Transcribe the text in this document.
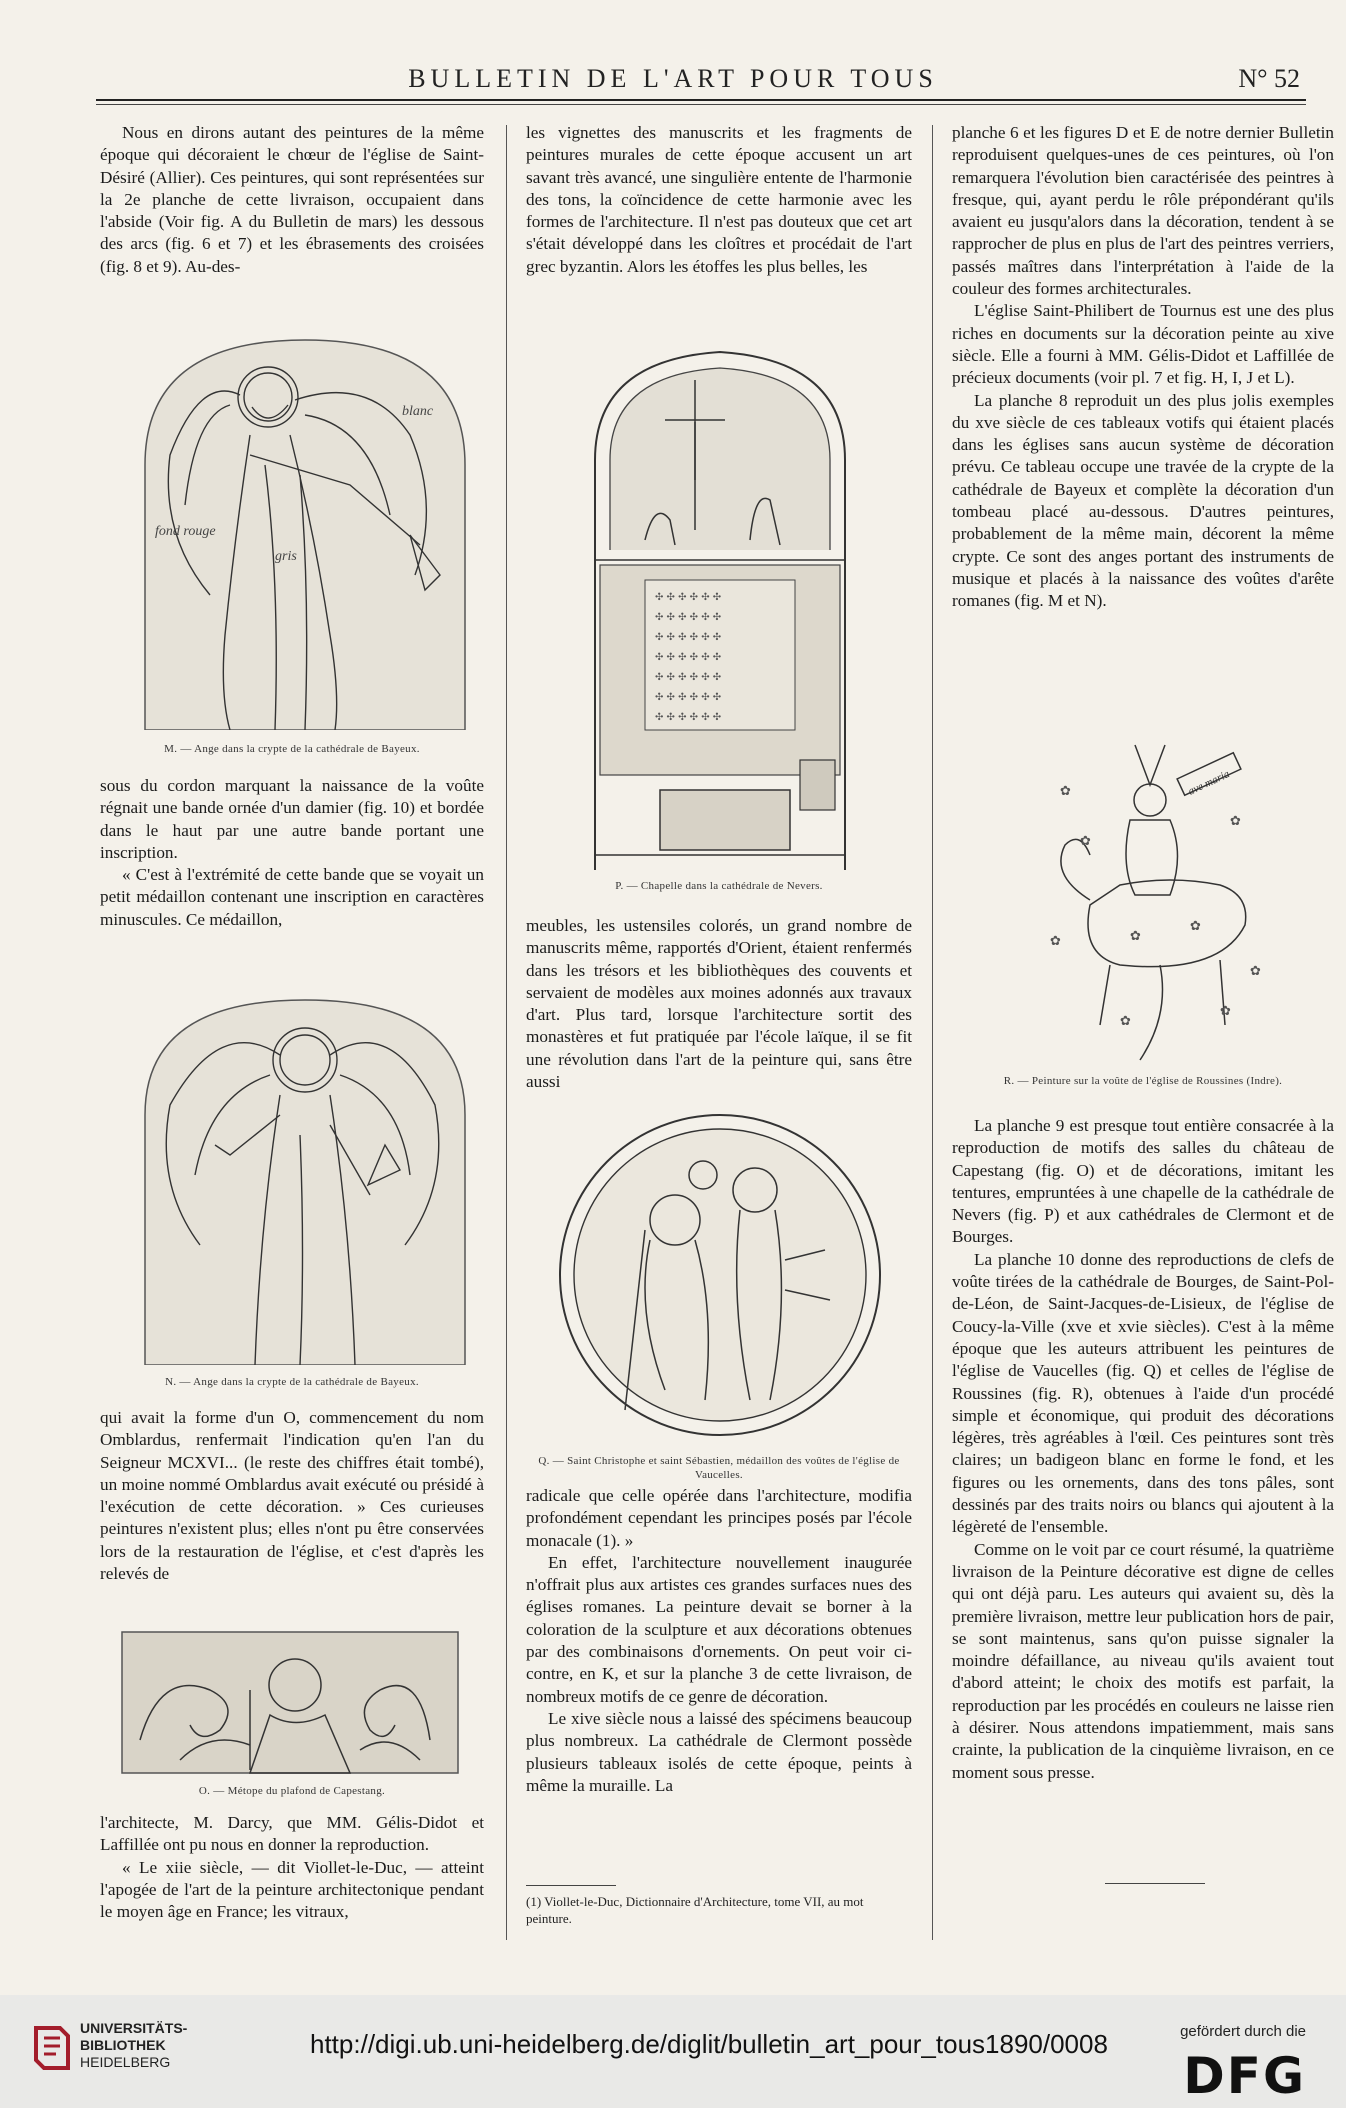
BULLETIN DE L'ART POUR TOUS	N° 52

Nous en dirons autant des peintures de la même époque qui décoraient le chœur de l'église de Saint-Désiré (Allier). Ces peintures, qui sont représentées sur la 2e planche de cette livraison, occupaient dans l'abside (Voir fig. A du Bulletin de mars) les dessous des arcs (fig. 6 et 7) et les ébrasements des croisées (fig. 8 et 9). Au-des-

blanc
fond rouge
gris
M. — Ange dans la crypte de la cathédrale de Bayeux.

sous du cordon marquant la naissance de la voûte régnait une bande ornée d'un damier (fig. 10) et bordée dans le haut par une autre bande portant une inscription.

« C'est à l'extrémité de cette bande que se voyait un petit médaillon contenant une inscription en caractères minuscules. Ce médaillon,

N. — Ange dans la crypte de la cathédrale de Bayeux.

qui avait la forme d'un O, commencement du nom Omblardus, renfermait l'indication qu'en l'an du Seigneur MCXVI... (le reste des chiffres était tombé), un moine nommé Omblardus avait exécuté ou présidé à l'exécution de cette décoration. » Ces curieuses peintures n'existent plus; elles n'ont pu être conservées lors de la restauration de l'église, et c'est d'après les relevés de

O. — Métope du plafond de Capestang.

l'architecte, M. Darcy, que MM. Gélis-Didot et Laffillée ont pu nous en donner la reproduction.

« Le xiie siècle, — dit Viollet-le-Duc, — atteint l'apogée de l'art de la peinture architectonique pendant le moyen âge en France; les vitraux,

les vignettes des manuscrits et les fragments de peintures murales de cette époque accusent un art savant très avancé, une singulière entente de l'harmonie des tons, la coïncidence de cette harmonie avec les formes de l'architecture. Il n'est pas douteux que cet art s'était développé dans les cloîtres et procédait de l'art grec byzantin. Alors les étoffes les plus belles, les

✣ ✣ ✣ ✣ ✣ ✣
✣ ✣ ✣ ✣ ✣ ✣
✣ ✣ ✣ ✣ ✣ ✣
✣ ✣ ✣ ✣ ✣ ✣
✣ ✣ ✣ ✣ ✣ ✣
✣ ✣ ✣ ✣ ✣ ✣
✣ ✣ ✣ ✣ ✣ ✣
P. — Chapelle dans la cathédrale de Nevers.

meubles, les ustensiles colorés, un grand nombre de manuscrits même, rapportés d'Orient, étaient renfermés dans les trésors et les bibliothèques des couvents et servaient de modèles aux moines adonnés aux travaux d'art. Plus tard, lorsque l'architecture sortit des monastères et fut pratiquée par l'école laïque, il se fit une révolution dans l'art de la peinture qui, sans être aussi

Q. — Saint Christophe et saint Sébastien, médaillon des voûtes de l'église de Vaucelles.

radicale que celle opérée dans l'architecture, modifia profondément cependant les principes posés par l'école monacale (1). »

En effet, l'architecture nouvellement inaugurée n'offrait plus aux artistes ces grandes surfaces nues des églises romanes. La peinture devait se borner à la coloration de la sculpture et aux décorations obtenues par des combinaisons d'ornements. On peut voir ci-contre, en K, et sur la planche 3 de cette livraison, de nombreux motifs de ce genre de décoration.

Le xive siècle nous a laissé des spécimens beaucoup plus nombreux. La cathédrale de Clermont possède plusieurs tableaux isolés de cette époque, peints à même la muraille. La

(1) Viollet-le-Duc, Dictionnaire d'Architecture, tome VII, au mot peinture.

planche 6 et les figures D et E de notre dernier Bulletin reproduisent quelques-unes de ces peintures, où l'on remarquera l'évolution bien caractérisée des peintres à fresque, qui, ayant perdu le rôle prépondérant qu'ils avaient eu jusqu'alors dans la décoration, tendent à se rapprocher de plus en plus de l'art des peintres verriers, passés maîtres dans l'interprétation à l'aide de la couleur des formes architecturales.

L'église Saint-Philibert de Tournus est une des plus riches en documents sur la décoration peinte au xive siècle. Elle a fourni à MM. Gélis-Didot et Laffillée de précieux documents (voir pl. 7 et fig. H, I, J et L).

La planche 8 reproduit un des plus jolis exemples du xve siècle de ces tableaux votifs qui étaient placés dans les églises sans aucun système de décoration prévu. Ce tableau occupe une travée de la crypte de la cathédrale de Bayeux et complète la décoration d'un tombeau placé au-dessous. D'autres peintures, probablement de la même main, décorent la même crypte. Ce sont des anges portant des instruments de musique et placés à la naissance des voûtes d'arête romanes (fig. M et N).

ave maria
✿
✿
✿
✿
✿
✿
✿
✿
✿
R. — Peinture sur la voûte de l'église de Roussines (Indre).

La planche 9 est presque tout entière consacrée à la reproduction de motifs des salles du château de Capestang (fig. O) et de décorations, imitant les tentures, empruntées à une chapelle de la cathédrale de Nevers (fig. P) et aux cathédrales de Clermont et de Bourges.

La planche 10 donne des reproductions de clefs de voûte tirées de la cathédrale de Bourges, de Saint-Pol-de-Léon, de Saint-Jacques-de-Lisieux, de l'église de Coucy-la-Ville (xve et xvie siècles). C'est à la même époque que les auteurs attribuent les peintures de l'église de Vaucelles (fig. Q) et celles de l'église de Roussines (fig. R), obtenues à l'aide d'un procédé simple et économique, qui produit des décorations légères, très agréables à l'œil. Ces peintures sont très claires; un badigeon blanc en forme le fond, et les figures ou les ornements, dans des tons pâles, sont dessinés par des traits noirs ou blancs qui ajoutent à la légèreté de l'ensemble.

Comme on le voit par ce court résumé, la quatrième livraison de la Peinture décorative est digne de celles qui ont déjà paru. Les auteurs qui avaient su, dès la première livraison, mettre leur publication hors de pair, se sont maintenus, sans qu'on puisse signaler la moindre défaillance, au niveau qu'ils avaient tout d'abord atteint; le choix des motifs est parfait, la reproduction par les procédés en couleurs ne laisse rien à désirer. Nous attendons impatiemment, mais sans crainte, la publication de la cinquième livraison, en ce moment sous presse.

UNIVERSITÄTS-
BIBLIOTHEK
HEIDELBERG
http://digi.ub.uni-heidelberg.de/diglit/bulletin_art_pour_tous1890/0008	gefördert durch die
DFG
